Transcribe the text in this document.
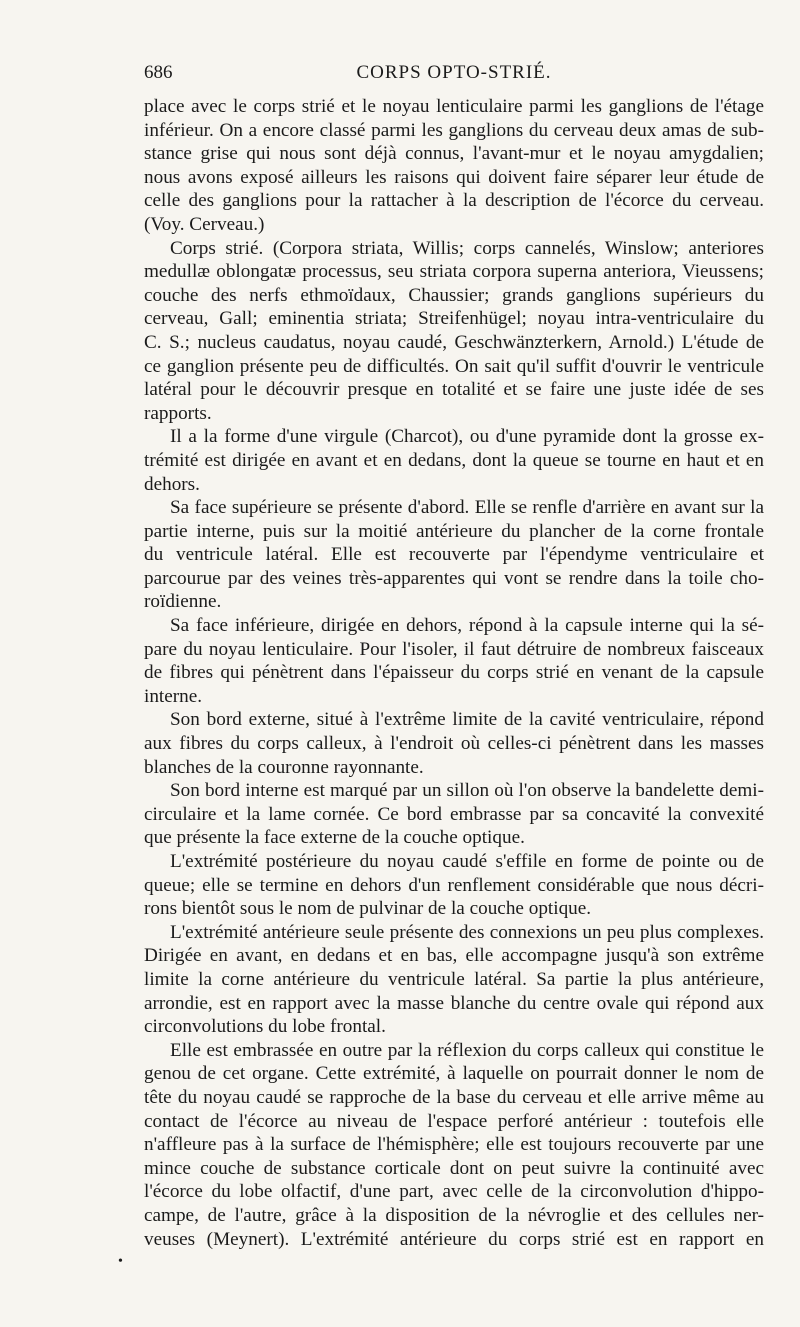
686	CORPS OPTO-STRIÉ.
place avec le corps strié et le noyau lenticulaire parmi les ganglions de l'étage
inférieur. On a encore classé parmi les ganglions du cerveau deux amas de sub-
stance grise qui nous sont déjà connus, l'avant-mur et le noyau amygdalien;
nous avons exposé ailleurs les raisons qui doivent faire séparer leur étude de
celle des ganglions pour la rattacher à la description de l'écorce du cerveau.
(Voy. Cerveau.)
Corps strié. (Corpora striata, Willis; corps cannelés, Winslow; anteriores
medullæ oblongatæ processus, seu striata corpora superna anteriora, Vieussens;
couche des nerfs ethmoïdaux, Chaussier; grands ganglions supérieurs du
cerveau, Gall; eminentia striata; Streifenhügel; noyau intra-ventriculaire du
C. S.; nucleus caudatus, noyau caudé, Geschwänzterkern, Arnold.) L'étude de
ce ganglion présente peu de difficultés. On sait qu'il suffit d'ouvrir le ventricule
latéral pour le découvrir presque en totalité et se faire une juste idée de ses
rapports.
Il a la forme d'une virgule (Charcot), ou d'une pyramide dont la grosse ex-
trémité est dirigée en avant et en dedans, dont la queue se tourne en haut et en
dehors.
Sa face supérieure se présente d'abord. Elle se renfle d'arrière en avant sur la
partie interne, puis sur la moitié antérieure du plancher de la corne frontale
du ventricule latéral. Elle est recouverte par l'épendyme ventriculaire et
parcourue par des veines très-apparentes qui vont se rendre dans la toile cho-
roïdienne.
Sa face inférieure, dirigée en dehors, répond à la capsule interne qui la sé-
pare du noyau lenticulaire. Pour l'isoler, il faut détruire de nombreux faisceaux
de fibres qui pénètrent dans l'épaisseur du corps strié en venant de la capsule
interne.
Son bord externe, situé à l'extrême limite de la cavité ventriculaire, répond
aux fibres du corps calleux, à l'endroit où celles-ci pénètrent dans les masses
blanches de la couronne rayonnante.
Son bord interne est marqué par un sillon où l'on observe la bandelette demi-
circulaire et la lame cornée. Ce bord embrasse par sa concavité la convexité
que présente la face externe de la couche optique.
L'extrémité postérieure du noyau caudé s'effile en forme de pointe ou de
queue; elle se termine en dehors d'un renflement considérable que nous décri-
rons bientôt sous le nom de pulvinar de la couche optique.
L'extrémité antérieure seule présente des connexions un peu plus complexes.
Dirigée en avant, en dedans et en bas, elle accompagne jusqu'à son extrême
limite la corne antérieure du ventricule latéral. Sa partie la plus antérieure,
arrondie, est en rapport avec la masse blanche du centre ovale qui répond aux
circonvolutions du lobe frontal.
Elle est embrassée en outre par la réflexion du corps calleux qui constitue le
genou de cet organe. Cette extrémité, à laquelle on pourrait donner le nom de
tête du noyau caudé se rapproche de la base du cerveau et elle arrive même au
contact de l'écorce au niveau de l'espace perforé antérieur : toutefois elle
n'affleure pas à la surface de l'hémisphère; elle est toujours recouverte par une
mince couche de substance corticale dont on peut suivre la continuité avec
l'écorce du lobe olfactif, d'une part, avec celle de la circonvolution d'hippo-
campe, de l'autre, grâce à la disposition de la névroglie et des cellules ner-
veuses (Meynert). L'extrémité antérieure du corps strié est en rapport en
•
